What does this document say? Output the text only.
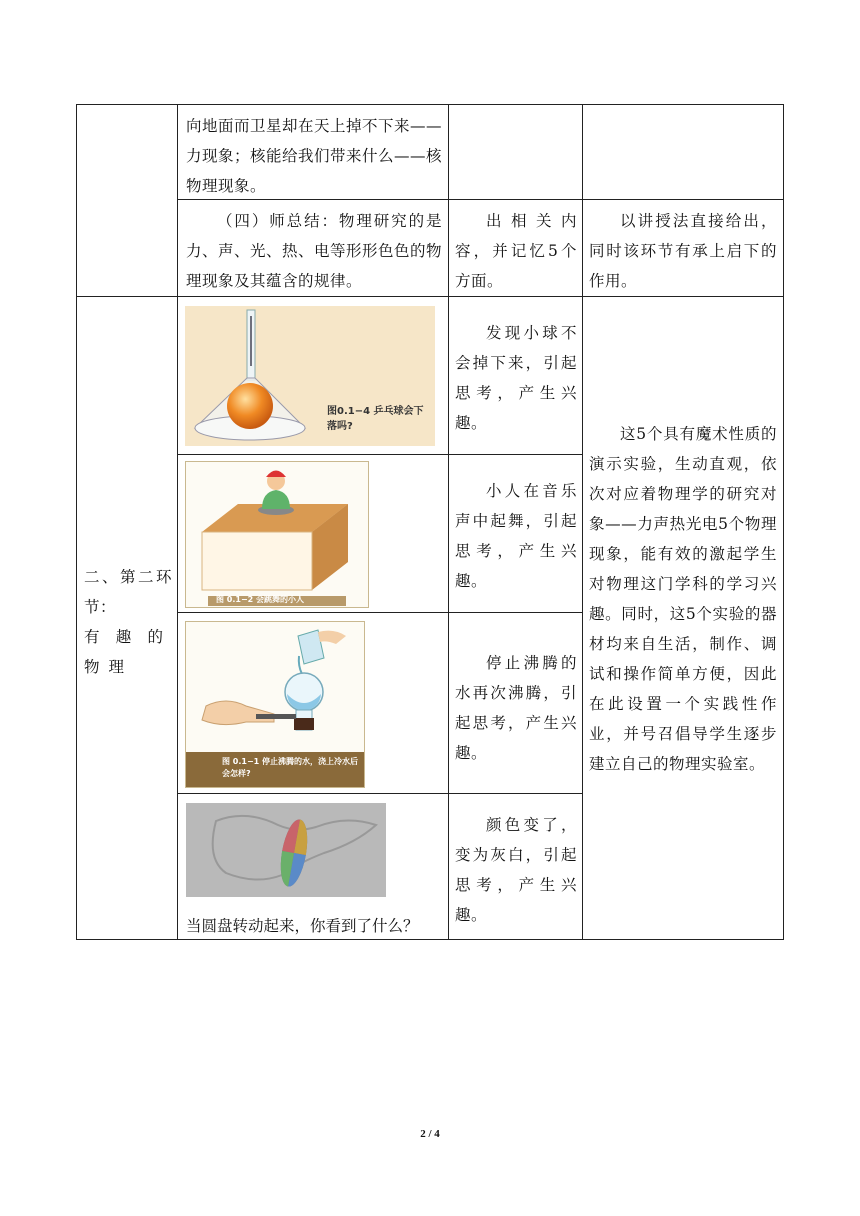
向地面而卫星却在天上掉不下来——力现象；核能给我们带来什么——核物理现象。
（四）师总结：物理研究的是力、声、光、热、电等形形色色的物理现象及其蕴含的规律。
出相关内容，并记忆5个方面。
以讲授法直接给出，同时该环节有承上启下的作用。
二、第二环节：
有趣的物理
这5个具有魔术性质的演示实验，生动直观，依次对应着物理学的研究对象——力声热光电5个物理现象，能有效的激起学生对物理这门学科的学习兴趣。同时，这5个实验的器材均来自生活，制作、调试和操作简单方便，因此在此设置一个实践性作业，并号召倡导学生逐步建立自己的物理实验室。
图0.1−4 乒乓球会下落吗?
发现小球不会掉下来，引起思考，产生兴趣。
图 0.1−2 会跳舞的小人
小人在音乐声中起舞，引起思考，产生兴趣。
图 0.1−1 停止沸腾的水，浇上冷水后会怎样?
停止沸腾的水再次沸腾，引起思考，产生兴趣。
当圆盘转动起来，你看到了什么？
颜色变了，变为灰白，引起思考，产生兴趣。
2 / 4
